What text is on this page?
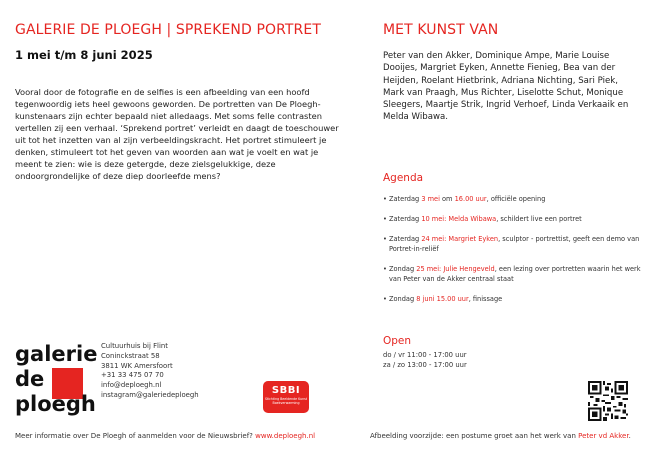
GALERIE DE PLOEGH | SPREKEND PORTRET
1 mei t/m 8 juni 2025
Vooral door de fotografie en de selfies is een afbeelding van een hoofd tegenwoordig iets heel gewoons geworden. De portretten van De Ploegh-kunstenaars zijn echter bepaald niet alledaags. Met soms felle contrasten vertellen zij een verhaal. ‘Sprekend portret’ verleidt en daagt de toeschouwer uit tot het inzetten van al zijn verbeeldingskracht. Het portret stimuleert je denken, stimuleert tot het geven van woorden aan wat je voelt en wat je meent te zien: wie is deze getergde, deze zielsgelukkige, deze ondoorgrondelijke of deze diep doorleefde mens?
MET KUNST VAN
Peter van den Akker, Dominique Ampe, Marie Louise Dooijes, Margriet Eyken, Annette Fienieg, Bea van der Heijden, Roelant Hietbrink, Adriana Nichting, Sari Piek, Mark van Praagh, Mus Richter, Liselotte Schut, Monique Sleegers, Maartje Strik, Ingrid Verhoef, Linda Verkaaik en Melda Wibawa.
Agenda
• Zaterdag 3 mei om 16.00 uur, officiële opening
• Zaterdag 10 mei: Melda Wibawa, schildert live een portret
• Zaterdag 24 mei: Margriet Eyken, sculptor - portrettist, geeft een demo van Portret-in-reliëf
• Zondag 25 mei: Julie Hengeveld, een lezing over portretten waarin het werk van Peter van de Akker centraal staat
• Zondag 8 juni 15.00 uur, finissage
Open
do / vr 11:00 - 17:00 uur
za / zo 13:00 - 17:00 uur
galerie
de
ploegh
Cultuurhuis bij Flint
Coninckstraat 58
3811 WK Amersfoort
+31 33 475 07 70
info@deploegh.nl
instagram@galeriedeploegh	SBBI
Stichting Beeldende Kunst Boekverwarming
Meer informatie over De Ploegh of aanmelden voor de Nieuwsbrief? www.deploegh.nl	Afbeelding voorzijde: een postume groet aan het werk van Peter vd Akker.
